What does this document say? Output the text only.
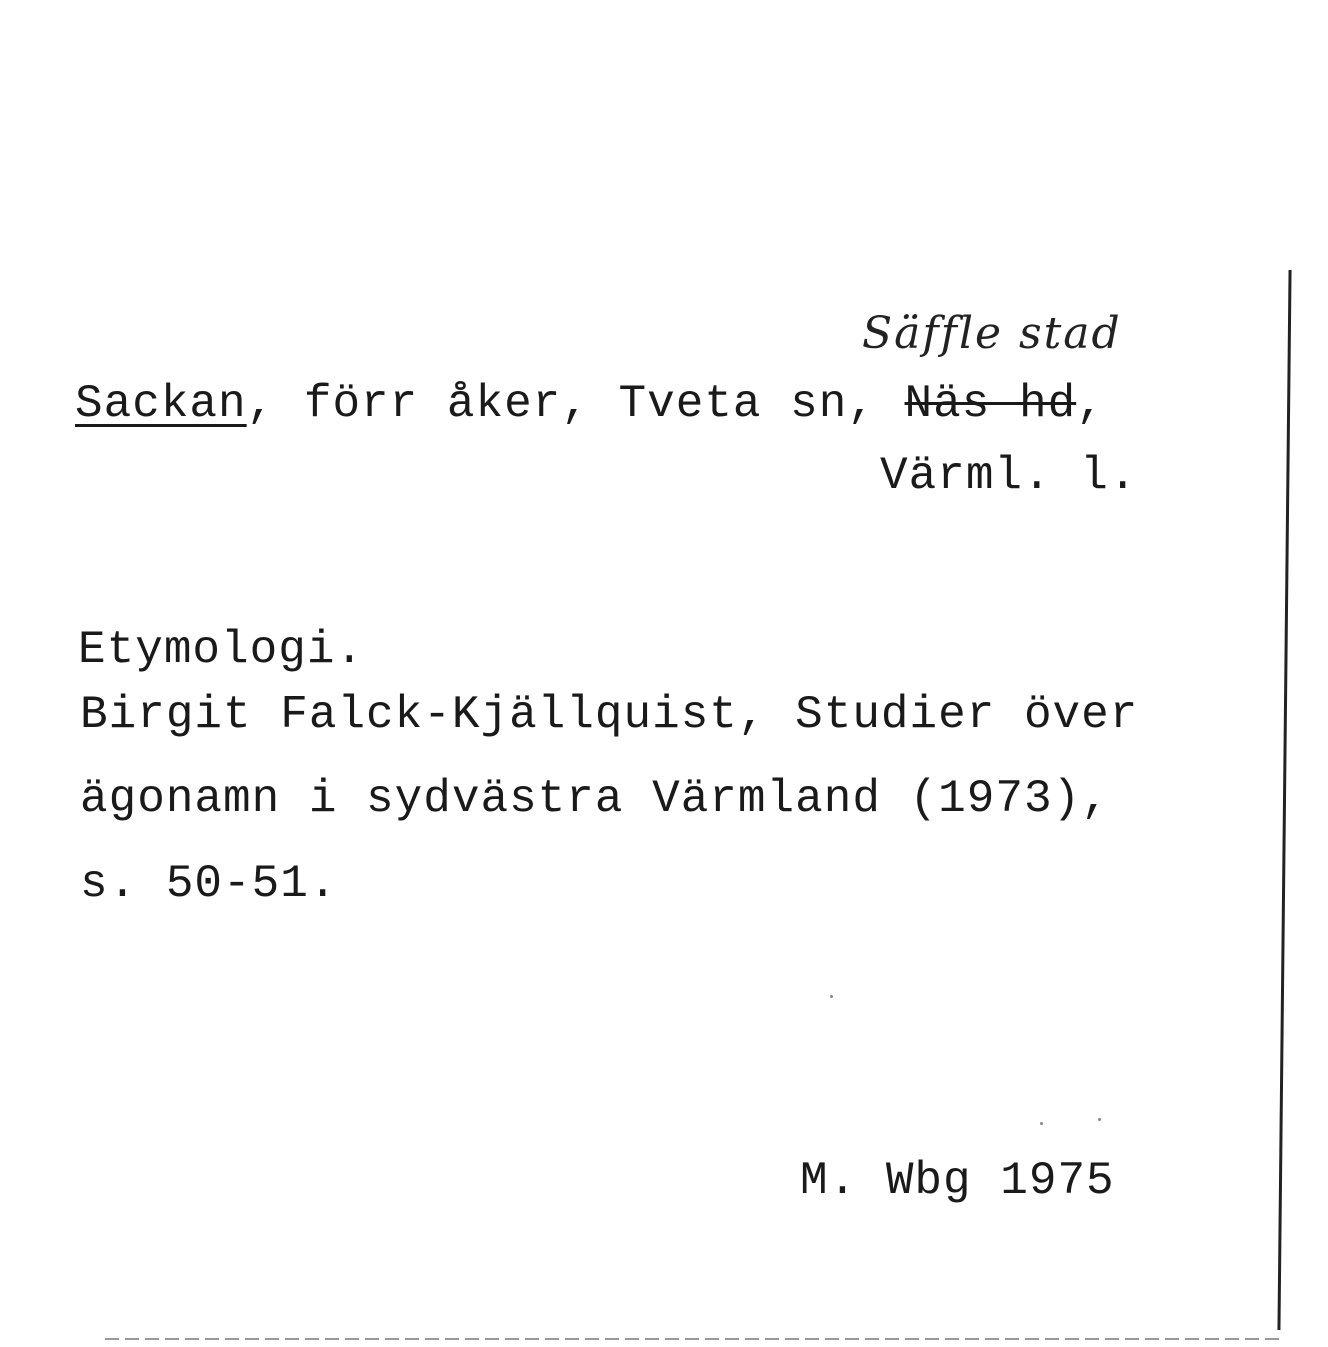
Säffle stad
Sackan, förr åker, Tveta sn, Näs hd,
Värml. l.
Etymologi.
Birgit Falck-Kjällquist, Studier över
ägonamn i sydvästra Värmland (1973),
s. 50-51.
M. Wbg 1975
